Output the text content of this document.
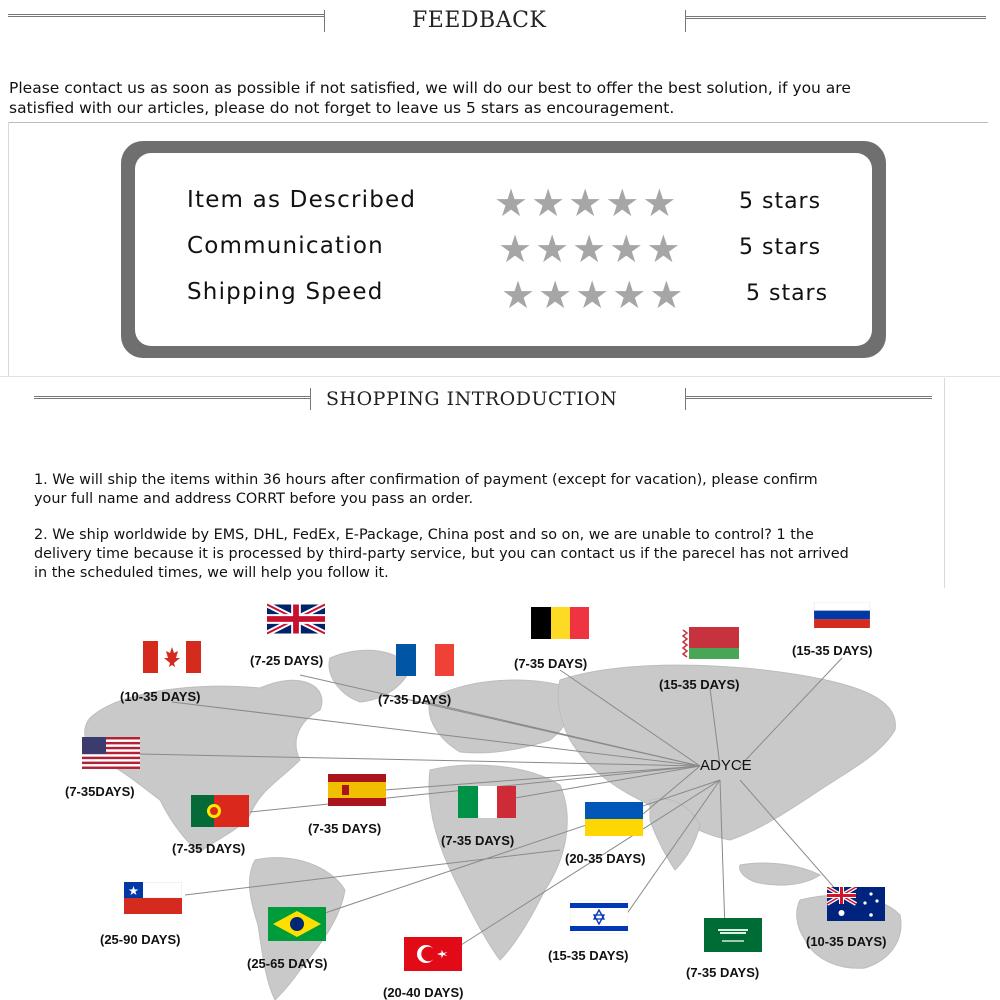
FEEDBACK
Please contact us as soon as possible if not satisfied, we will do our best to offer the best solution, if you are
satisfied with our articles, please do not forget to leave us 5 stars as encouragement.
Item as Described ★ ★ ★ ★ ★	5 stars
Communication	★ ★ ★ ★ ★	5 stars
Shipping Speed	★ ★ ★ ★ ★	5 stars
SHOPPING INTRODUCTION
1. We will ship the items within 36 hours after confirmation of payment (except for vacation), please confirm
your full name and address CORRT before you pass an order.
2. We ship worldwide by EMS, DHL, FedEx, E-Package, China post and so on, we are unable to control? 1 the
delivery time because it is processed by third-party service, but you can contact us if the parecel has not arrived
in the scheduled times, we will help you follow it.
ADYCE
(7-25 DAYS)
(10-35 DAYS)	(7-35 DAYS)
(7-35 DAYS)
(15-35 DAYS)
(15-35 DAYS)
(7-35DAYS)
(7-35 DAYS)
(7-35 DAYS)
(7-35 DAYS)
(20-35 DAYS)
(25-90 DAYS)
(25-65 DAYS)
(20-40 DAYS)
(15-35 DAYS)
(7-35 DAYS)
(10-35 DAYS)
